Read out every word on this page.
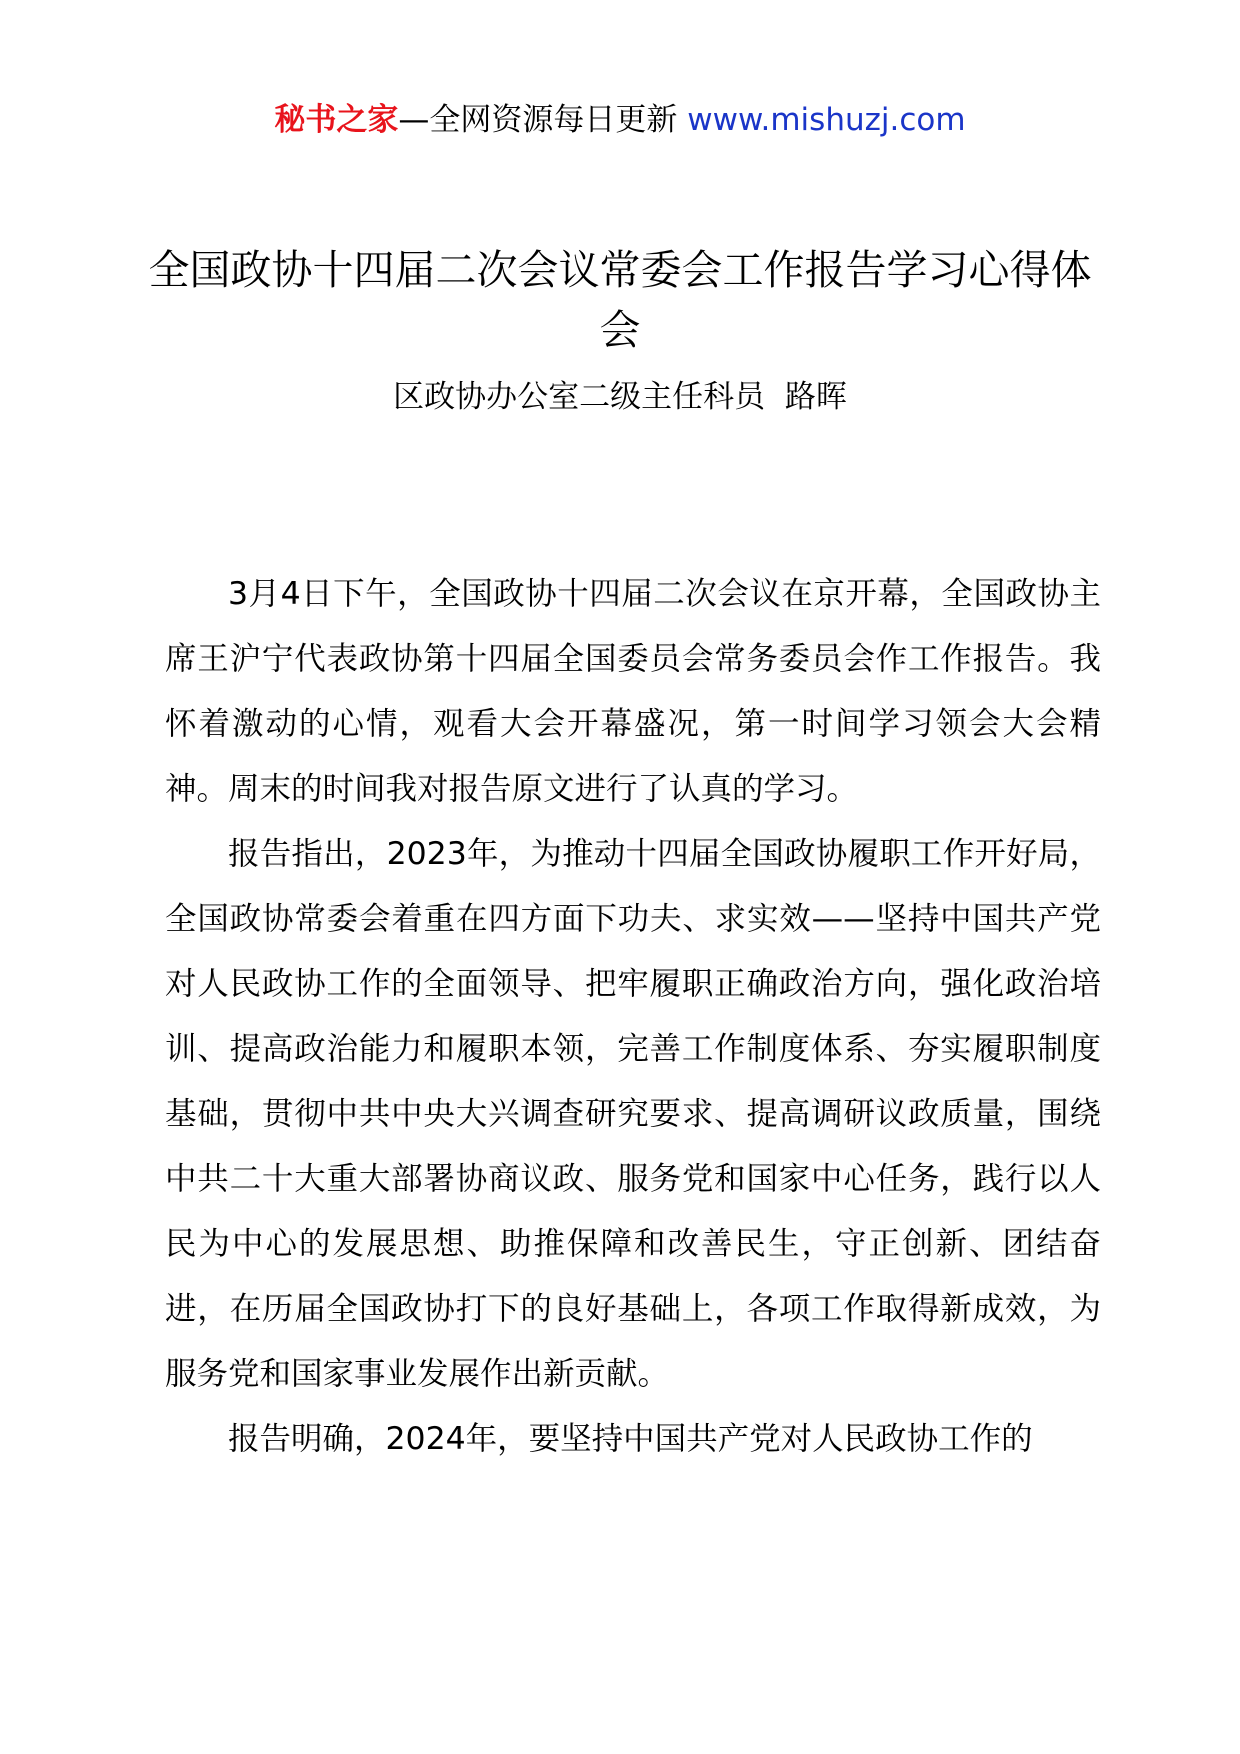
秘书之家—全网资源每日更新 www.mishuzj.com
全国政协十四届二次会议常委会工作报告学习心得体会
区政协办公室二级主任科员  路晖

3月4日下午，全国政协十四届二次会议在京开幕，全国政协主席王沪宁代表政协第十四届全国委员会常务委员会作工作报告。我怀着激动的心情，观看大会开幕盛况，第一时间学习领会大会精神。周末的时间我对报告原文进行了认真的学习。

报告指出，2023年，为推动十四届全国政协履职工作开好局，全国政协常委会着重在四方面下功夫、求实效——坚持中国共产党对人民政协工作的全面领导、把牢履职正确政治方向，强化政治培训、提高政治能力和履职本领，完善工作制度体系、夯实履职制度基础，贯彻中共中央大兴调查研究要求、提高调研议政质量，围绕中共二十大重大部署协商议政、服务党和国家中心任务，践行以人民为中心的发展思想、助推保障和改善民生，守正创新、团结奋进，在历届全国政协打下的良好基础上，各项工作取得新成效，为服务党和国家事业发展作出新贡献。

报告明确，2024年，要坚持中国共产党对人民政协工作的
